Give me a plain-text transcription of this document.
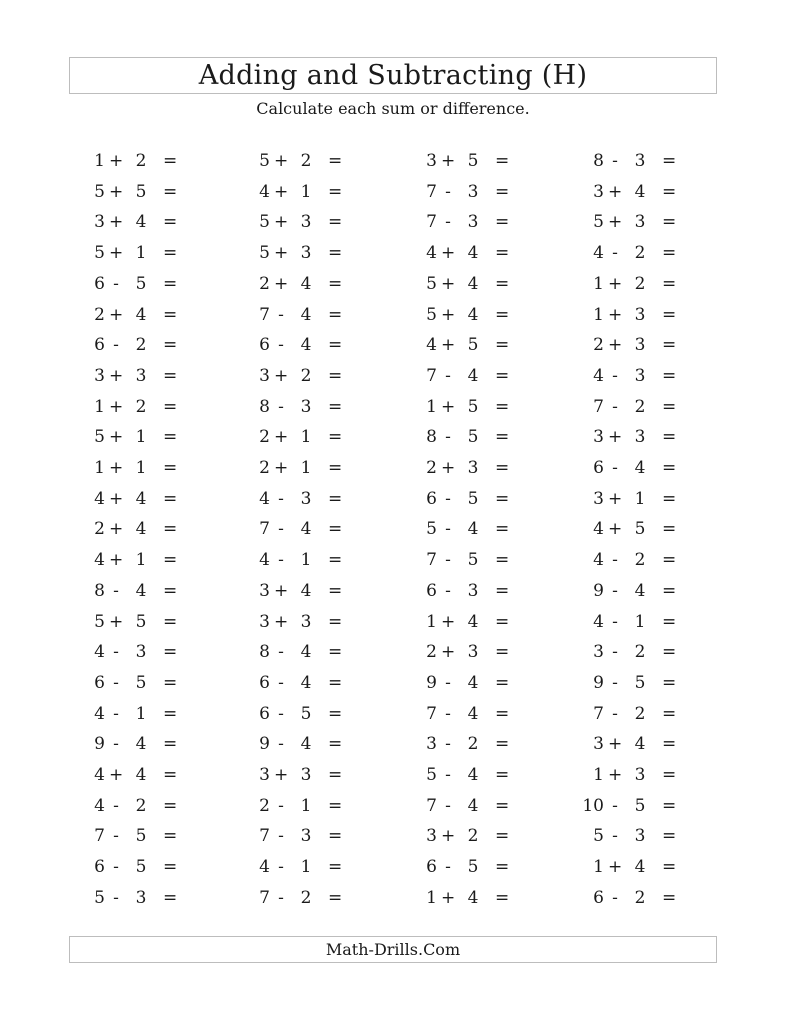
Adding and Subtracting (H)
Calculate each sum or difference.
1 + 2 =	5 + 2 =	3 + 5 =	8 - 3 =
5 + 5 =	4 + 1 =	7 - 3 =	3 + 4 =
3 + 4 =	5 + 3 =	7 - 3 =	5 + 3 =
5 + 1 =	5 + 3 =	4 + 4 =	4 - 2 =
6 - 5 =	2 + 4 =	5 + 4 =	1 + 2 =
2 + 4 =	7 - 4 =	5 + 4 =	1 + 3 =
6 - 2 =	6 - 4 =	4 + 5 =	2 + 3 =
3 + 3 =	3 + 2 =	7 - 4 =	4 - 3 =
1 + 2 =	8 - 3 =	1 + 5 =	7 - 2 =
5 + 1 =	2 + 1 =	8 - 5 =	3 + 3 =
1 + 1 =	2 + 1 =	2 + 3 =	6 - 4 =
4 + 4 =	4 - 3 =	6 - 5 =	3 + 1 =
2 + 4 =	7 - 4 =	5 - 4 =	4 + 5 =
4 + 1 =	4 - 1 =	7 - 5 =	4 - 2 =
8 - 4 =	3 + 4 =	6 - 3 =	9 - 4 =
5 + 5 =	3 + 3 =	1 + 4 =	4 - 1 =
4 - 3 =	8 - 4 =	2 + 3 =	3 - 2 =
6 - 5 =	6 - 4 =	9 - 4 =	9 - 5 =
4 - 1 =	6 - 5 =	7 - 4 =	7 - 2 =
9 - 4 =	9 - 4 =	3 - 2 =	3 + 4 =
4 + 4 =	3 + 3 =	5 - 4 =	1 + 3 =
4 - 2 =	2 - 1 =	7 - 4 =	10 - 5 =
7 - 5 =	7 - 3 =	3 + 2 =	5 - 3 =
6 - 5 =	4 - 1 =	6 - 5 =	1 + 4 =
5 - 3 =	7 - 2 =	1 + 4 =	6 - 2 =
Math-Drills.Com
